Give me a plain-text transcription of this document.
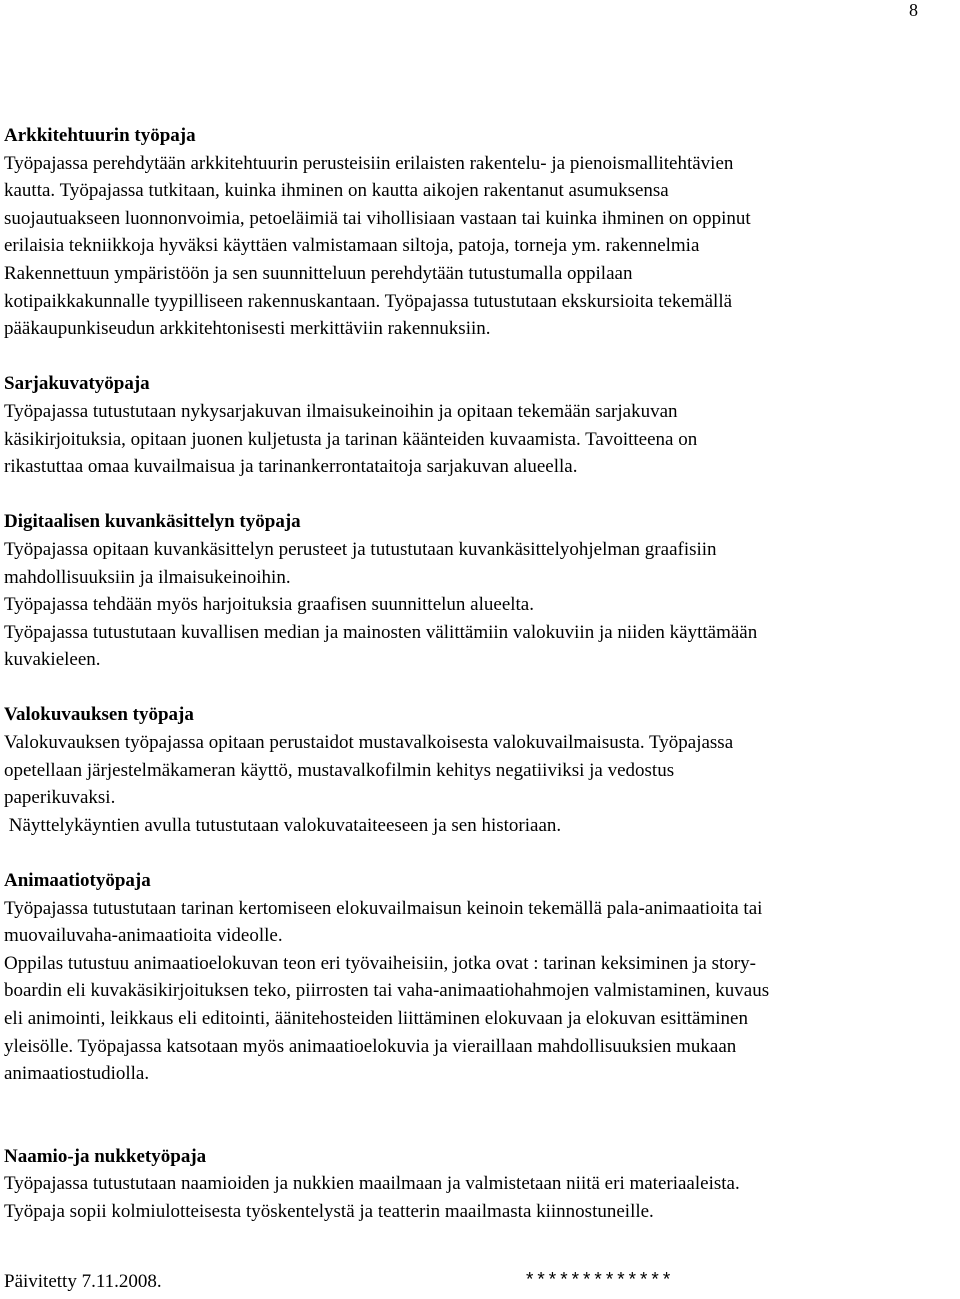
8
Arkkitehtuurin työpaja

Työpajassa perehdytään arkkitehtuurin perusteisiin erilaisten rakentelu- ja pienoismallitehtävien

kautta. Työpajassa tutkitaan, kuinka ihminen on kautta aikojen rakentanut asumuksensa

suojautuakseen luonnonvoimia, petoeläimiä tai vihollisiaan vastaan tai kuinka ihminen on oppinut

erilaisia tekniikkoja hyväksi käyttäen valmistamaan siltoja, patoja, torneja ym. rakennelmia

Rakennettuun ympäristöön ja sen suunnitteluun perehdytään tutustumalla oppilaan

kotipaikkakunnalle tyypilliseen rakennuskantaan. Työpajassa tutustutaan ekskursioita tekemällä

pääkaupunkiseudun arkkitehtonisesti merkittäviin rakennuksiin.

Sarjakuvatyöpaja

Työpajassa tutustutaan nykysarjakuvan ilmaisukeinoihin ja opitaan tekemään sarjakuvan

käsikirjoituksia, opitaan juonen kuljetusta ja tarinan käänteiden kuvaamista. Tavoitteena on

rikastuttaa omaa kuvailmaisua ja tarinankerrontataitoja sarjakuvan alueella.

Digitaalisen kuvankäsittelyn työpaja

Työpajassa opitaan kuvankäsittelyn perusteet ja tutustutaan kuvankäsittelyohjelman graafisiin

mahdollisuuksiin ja ilmaisukeinoihin.

Työpajassa tehdään myös harjoituksia graafisen suunnittelun alueelta.

Työpajassa tutustutaan kuvallisen median ja mainosten välittämiin valokuviin ja niiden käyttämään

kuvakieleen.

Valokuvauksen työpaja

Valokuvauksen työpajassa opitaan perustaidot mustavalkoisesta valokuvailmaisusta. Työpajassa

opetellaan järjestelmäkameran käyttö, mustavalkofilmin kehitys negatiiviksi ja vedostus

paperikuvaksi.

Näyttelykäyntien avulla tutustutaan valokuvataiteeseen ja sen historiaan.

Animaatiotyöpaja

Työpajassa tutustutaan tarinan kertomiseen elokuvailmaisun keinoin tekemällä pala-animaatioita tai

muovailuvaha-animaatioita videolle.

Oppilas tutustuu animaatioelokuvan teon eri työvaiheisiin, jotka ovat : tarinan keksiminen ja story-

boardin eli kuvakäsikirjoituksen teko, piirrosten tai vaha-animaatiohahmojen valmistaminen, kuvaus

eli animointi, leikkaus eli editointi, äänitehosteiden liittäminen elokuvaan ja elokuvan esittäminen

yleisölle. Työpajassa katsotaan myös animaatioelokuvia ja vieraillaan mahdollisuuksien mukaan

animaatiostudiolla.

Naamio-ja nukketyöpaja

Työpajassa tutustutaan naamioiden ja nukkien maailmaan ja valmistetaan niitä eri materiaaleista.

Työpaja sopii kolmiulotteisesta työskentelystä ja teatterin maailmasta kiinnostuneille.

Päivitetty 7.11.2008.	*************
